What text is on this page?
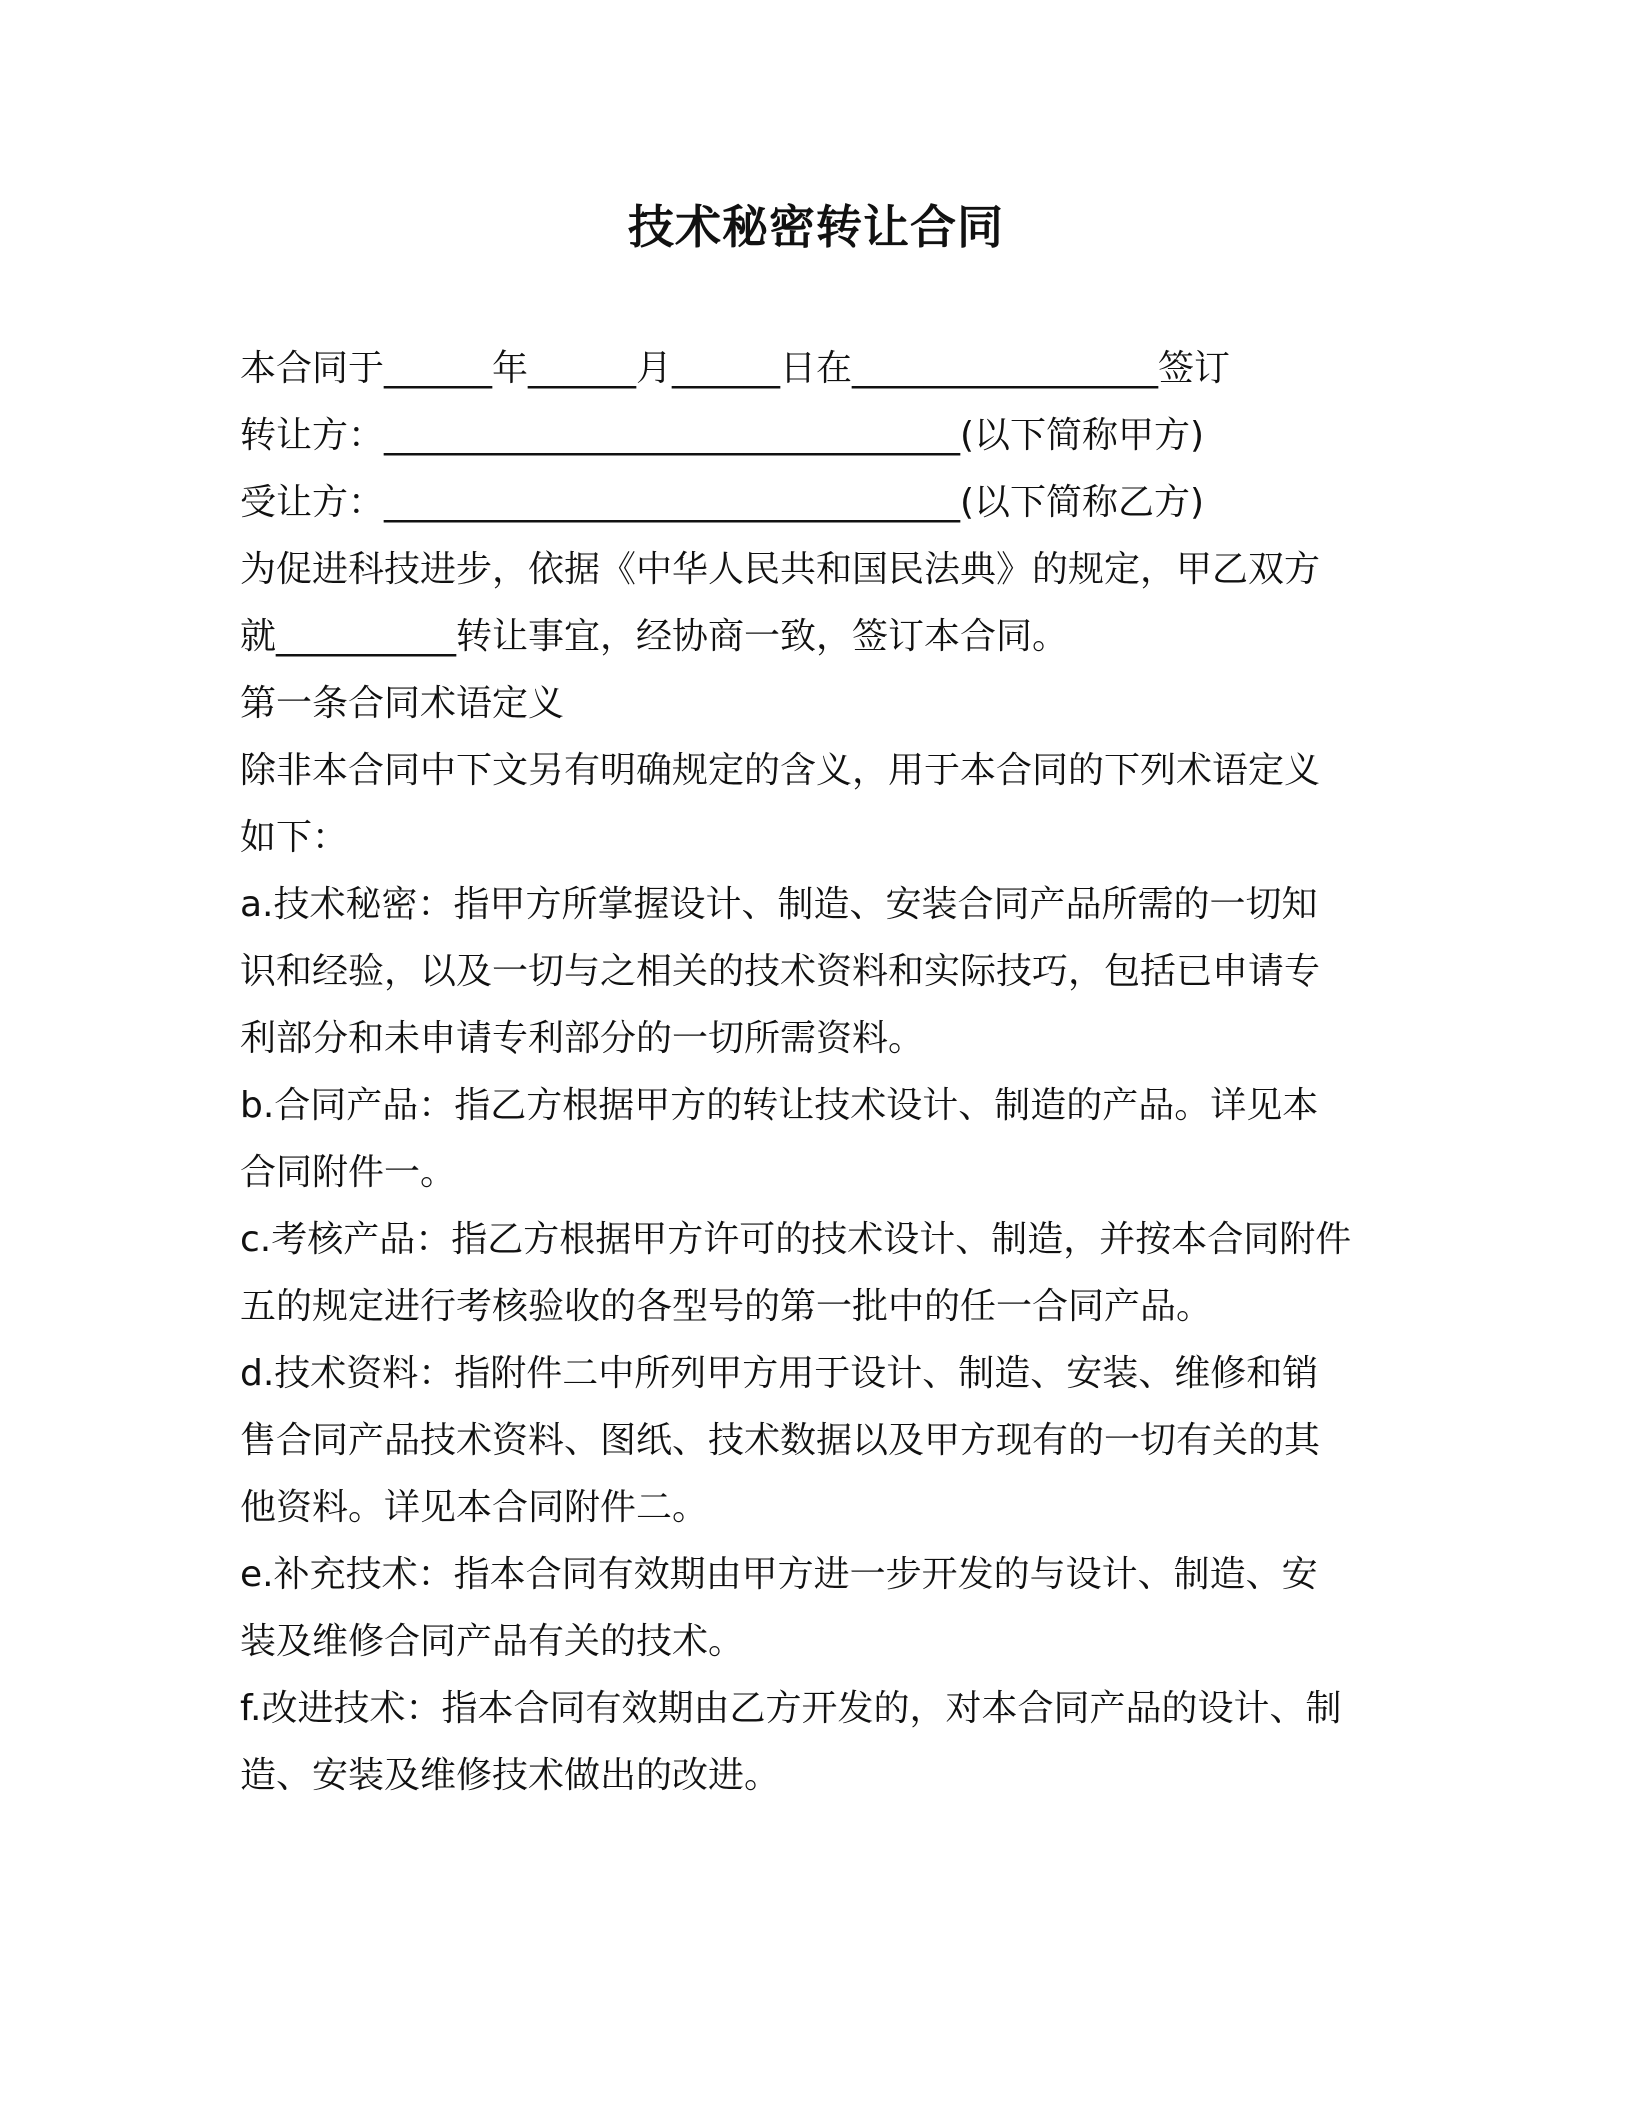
技术秘密转让合同
本合同于______年______月______日在_________________签订
转让方：________________________________(以下简称甲方)
受让方：________________________________(以下简称乙方)
为促进科技进步，依据《中华人民共和国民法典》的规定，甲乙双方
就__________转让事宜，经协商一致，签订本合同。
第一条合同术语定义
除非本合同中下文另有明确规定的含义，用于本合同的下列术语定义
如下：
a.技术秘密：指甲方所掌握设计、制造、安装合同产品所需的一切知
识和经验，以及一切与之相关的技术资料和实际技巧，包括已申请专
利部分和未申请专利部分的一切所需资料。
b.合同产品：指乙方根据甲方的转让技术设计、制造的产品。详见本
合同附件一。
c.考核产品：指乙方根据甲方许可的技术设计、制造，并按本合同附件
五的规定进行考核验收的各型号的第一批中的任一合同产品。
d.技术资料：指附件二中所列甲方用于设计、制造、安装、维修和销
售合同产品技术资料、图纸、技术数据以及甲方现有的一切有关的其
他资料。详见本合同附件二。
e.补充技术：指本合同有效期由甲方进一步开发的与设计、制造、安
装及维修合同产品有关的技术。
f.改进技术：指本合同有效期由乙方开发的，对本合同产品的设计、制
造、安装及维修技术做出的改进。
